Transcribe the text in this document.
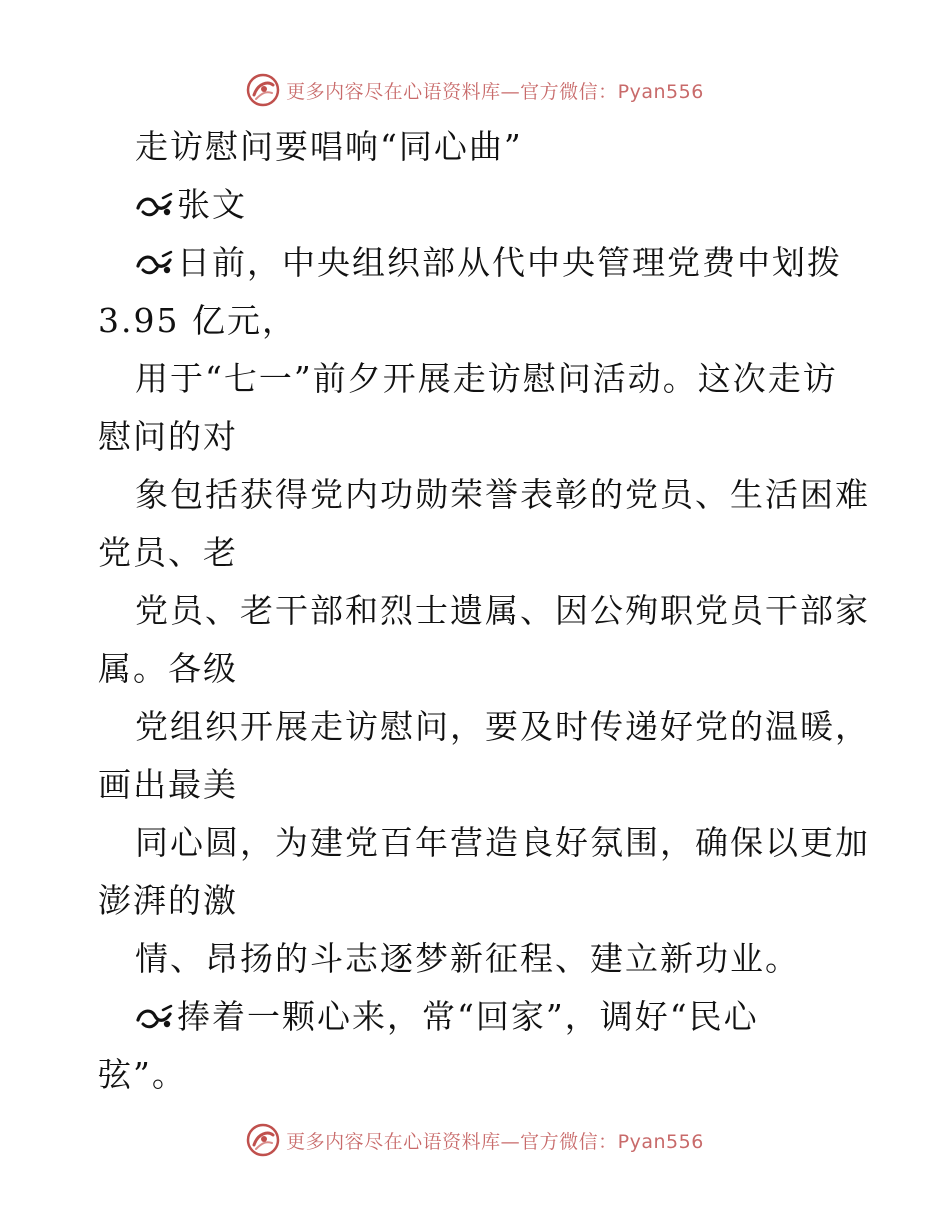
更多内容尽在心语资料库—官方微信：Pyan556
走访慰问要唱响“同心曲”
张文
日前，中央组织部从代中央管理党费中划拨
3.95 亿元，
用于“七一”前夕开展走访慰问活动。这次走访
慰问的对
象包括获得党内功勋荣誉表彰的党员、生活困难
党员、老
党员、老干部和烈士遗属、因公殉职党员干部家
属。各级
党组织开展走访慰问，要及时传递好党的温暖，
画出最美
同心圆，为建党百年营造良好氛围，确保以更加
澎湃的激
情、昂扬的斗志逐梦新征程、建立新功业。
捧着一颗心来，常“回家”，调好“民心
弦”。
更多内容尽在心语资料库—官方微信：Pyan556
